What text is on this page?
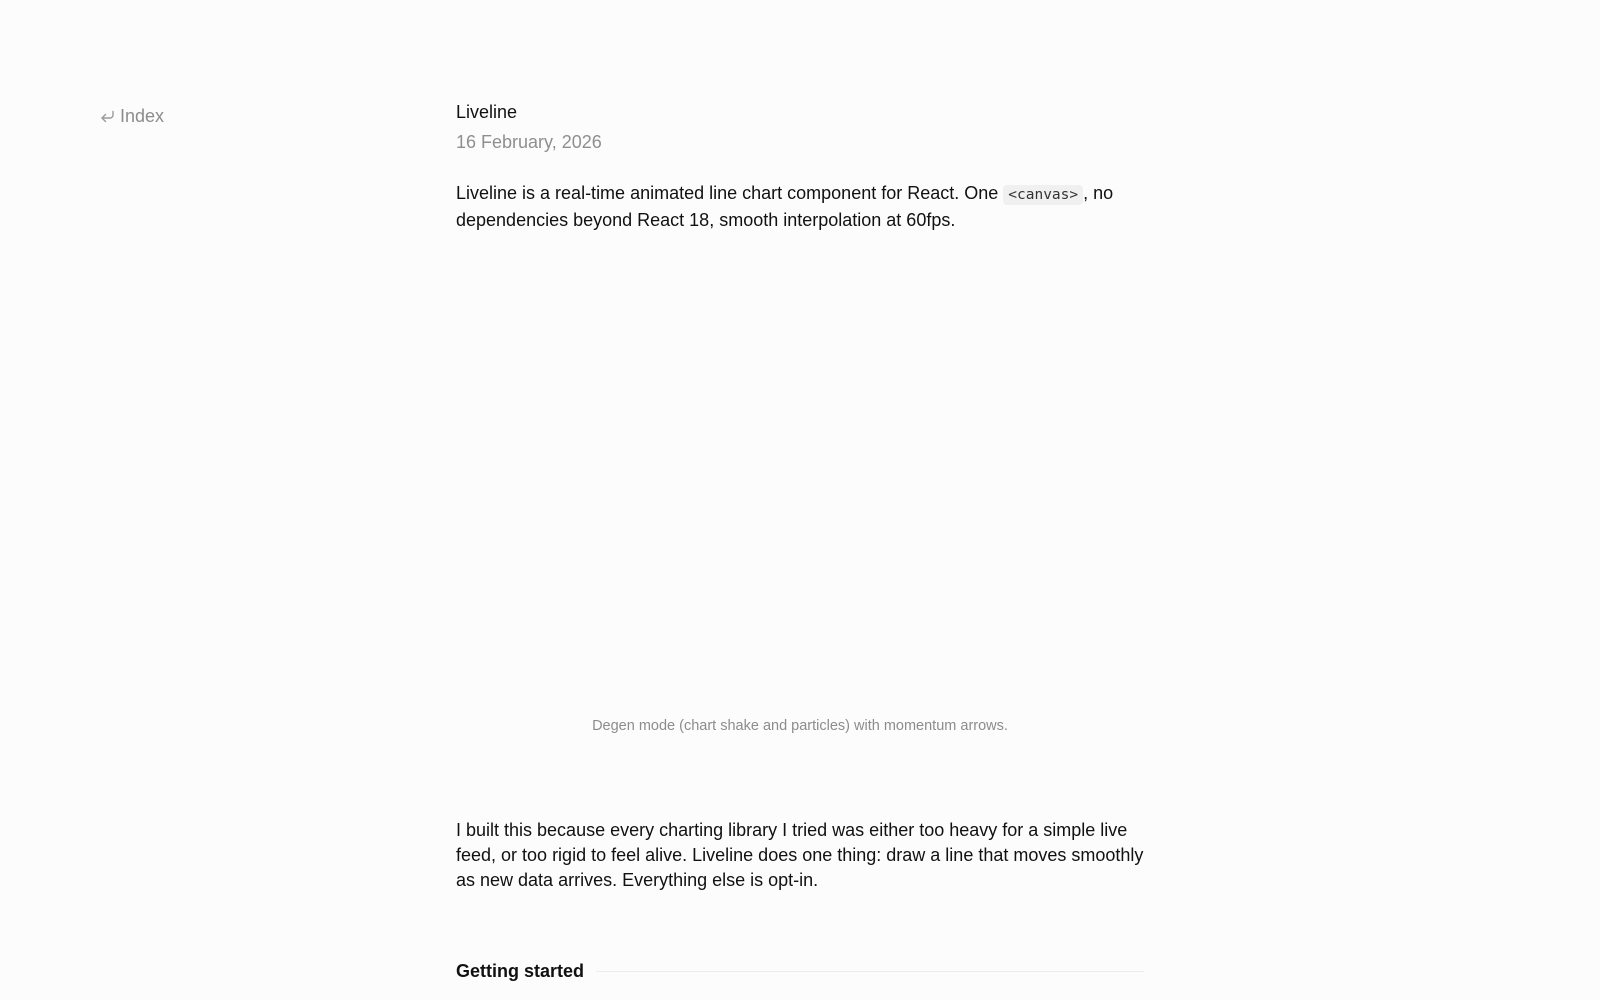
Index	Liveline

16 February, 2026

Liveline is a real-time animated line chart component for React. One <canvas> , no dependencies beyond React 18, smooth interpolation at 60fps.

Degen mode (chart shake and particles) with momentum arrows.

I built this because every charting library I tried was either too heavy for a simple live feed, or too rigid to feel alive. Liveline does one thing: draw a line that moves smoothly as new data arrives. Everything else is opt-in.

Getting started
